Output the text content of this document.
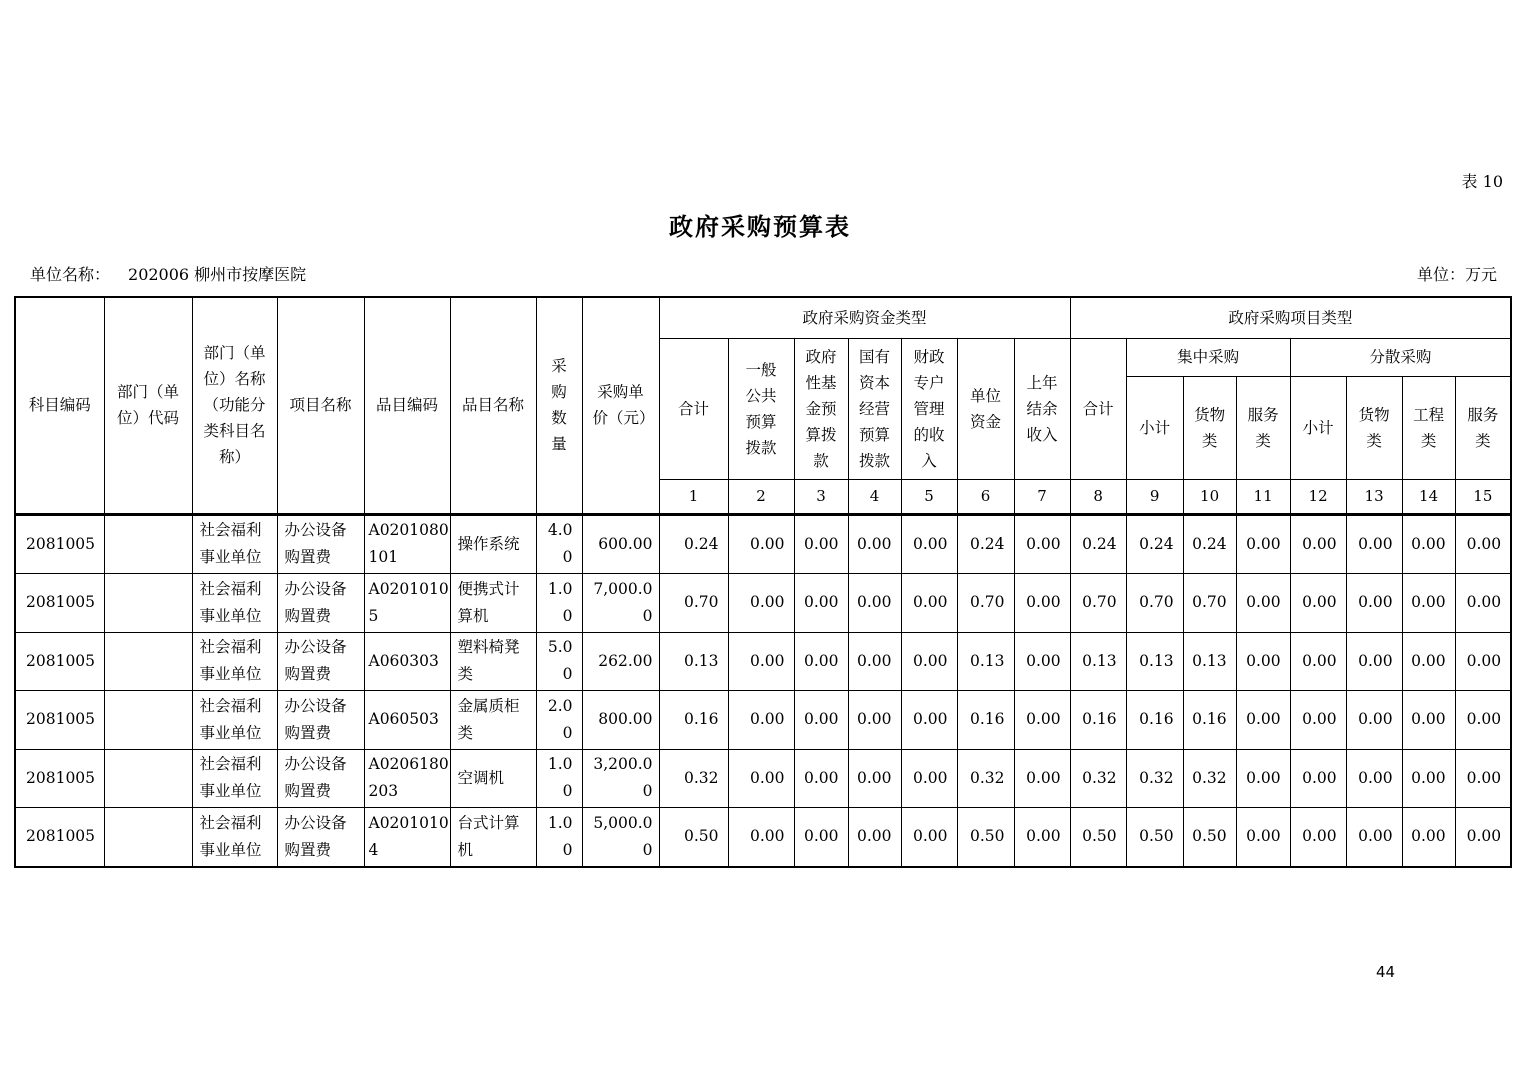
表 10
政府采购预算表
单位名称： 202006 柳州市按摩医院	单位：万元
科目编码	部门（单位）代码	部门（单位）名称（功能分类科目名称）	项目名称	品目编码	品目名称	采购数量	采购单价（元）	政府采购资金类型							政府采购项目类型							
								合计	一般公共预算拨款	政府性基金预算拨款	国有资本经营预算拨款	财政专户管理的收入	单位资金	上年结余收入	合计	集中采购			分散采购			
																小计	货物类	服务类	小计	货物类	工程类	服务类
								1	2	3	4	5	6	7	8	9	10	11	12	13	14	15
2081005		社会福利事业单位	办公设备购置费	A0201080101	操作系统	4.00	600.00	0.24	0.00	0.00	0.00	0.00	0.24	0.00	0.24	0.24	0.24	0.00	0.00	0.00	0.00	0.00
2081005		社会福利事业单位	办公设备购置费	A02010105	便携式计算机	1.00	7,000.00	0.70	0.00	0.00	0.00	0.00	0.70	0.00	0.70	0.70	0.70	0.00	0.00	0.00	0.00	0.00
2081005		社会福利事业单位	办公设备购置费	A060303	塑料椅凳类	5.00	262.00	0.13	0.00	0.00	0.00	0.00	0.13	0.00	0.13	0.13	0.13	0.00	0.00	0.00	0.00	0.00
2081005		社会福利事业单位	办公设备购置费	A060503	金属质柜类	2.00	800.00	0.16	0.00	0.00	0.00	0.00	0.16	0.00	0.16	0.16	0.16	0.00	0.00	0.00	0.00	0.00
2081005		社会福利事业单位	办公设备购置费	A0206180203	空调机	1.00	3,200.00	0.32	0.00	0.00	0.00	0.00	0.32	0.00	0.32	0.32	0.32	0.00	0.00	0.00	0.00	0.00
2081005		社会福利事业单位	办公设备购置费	A02010104	台式计算机	1.00	5,000.00	0.50	0.00	0.00	0.00	0.00	0.50	0.00	0.50	0.50	0.50	0.00	0.00	0.00	0.00	0.00
44
